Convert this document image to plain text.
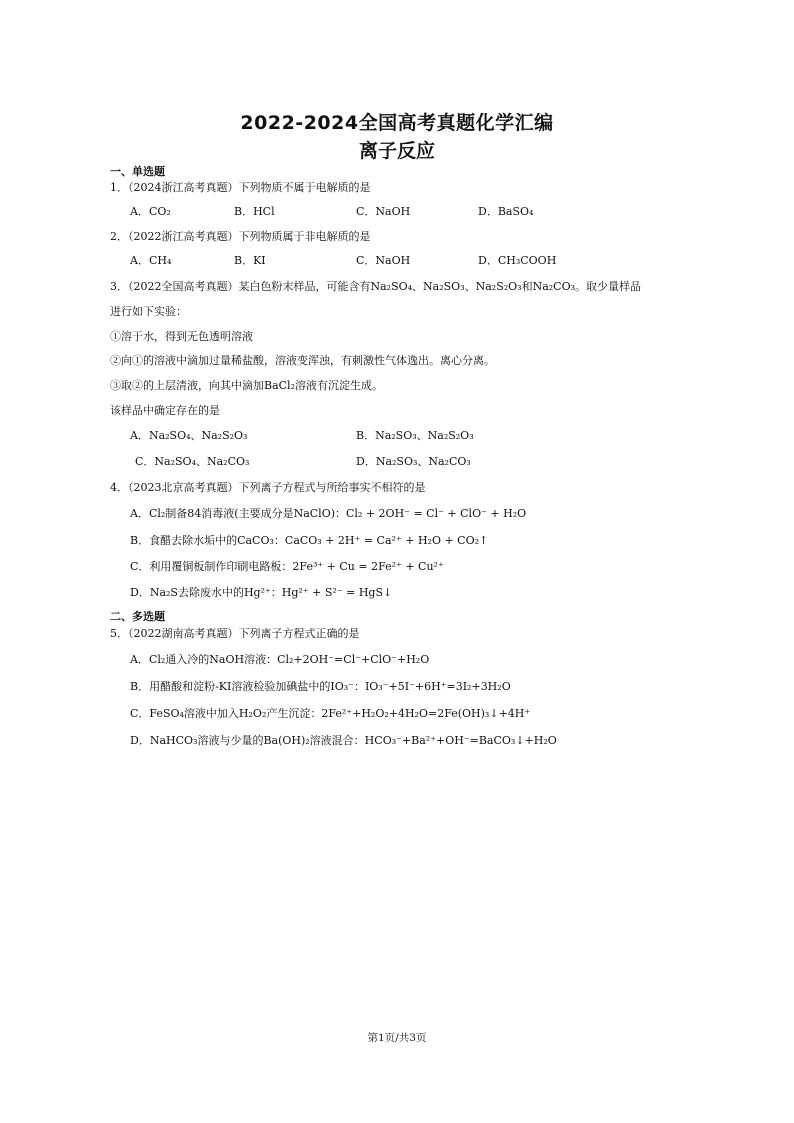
2022-2024全国高考真题化学汇编
离子反应
一、单选题
1．（2024浙江高考真题）下列物质不属于电解质的是
A．CO₂	B．HCl	C．NaOH	D．BaSO₄
2．（2022浙江高考真题）下列物质属于非电解质的是
A．CH₄	B．KI	C．NaOH	D．CH₃COOH
3．（2022全国高考真题）某白色粉末样品，可能含有Na₂SO₄、Na₂SO₃、Na₂S₂O₃和Na₂CO₃。取少量样品
进行如下实验：
①溶于水，得到无色透明溶液
②向①的溶液中滴加过量稀盐酸，溶液变浑浊，有刺激性气体逸出。离心分离。
③取②的上层清液，向其中滴加BaCl₂溶液有沉淀生成。
该样品中确定存在的是
A．Na₂SO₄、Na₂S₂O₃	B．Na₂SO₃、Na₂S₂O₃
C．Na₂SO₄、Na₂CO₃	D．Na₂SO₃、Na₂CO₃
4．（2023北京高考真题）下列离子方程式与所给事实不相符的是
A．Cl₂制备84消毒液(主要成分是NaClO)：Cl₂ + 2OH⁻ = Cl⁻ + ClO⁻ + H₂O
B．食醋去除水垢中的CaCO₃：CaCO₃ + 2H⁺ = Ca²⁺ + H₂O + CO₂↑
C．利用覆铜板制作印刷电路板：2Fe³⁺ + Cu = 2Fe²⁺ + Cu²⁺
D．Na₂S去除废水中的Hg²⁺：Hg²⁺ + S²⁻ = HgS↓
二、多选题
5．（2022湖南高考真题）下列离子方程式正确的是
A．Cl₂通入冷的NaOH溶液：Cl₂+2OH⁻=Cl⁻+ClO⁻+H₂O
B．用醋酸和淀粉-KI溶液检验加碘盐中的IO₃⁻：IO₃⁻+5I⁻+6H⁺=3I₂+3H₂O
C．FeSO₄溶液中加入H₂O₂产生沉淀：2Fe²⁺+H₂O₂+4H₂O=2Fe(OH)₃↓+4H⁺
D．NaHCO₃溶液与少量的Ba(OH)₂溶液混合：HCO₃⁻+Ba²⁺+OH⁻=BaCO₃↓+H₂O
第1页/共3页
